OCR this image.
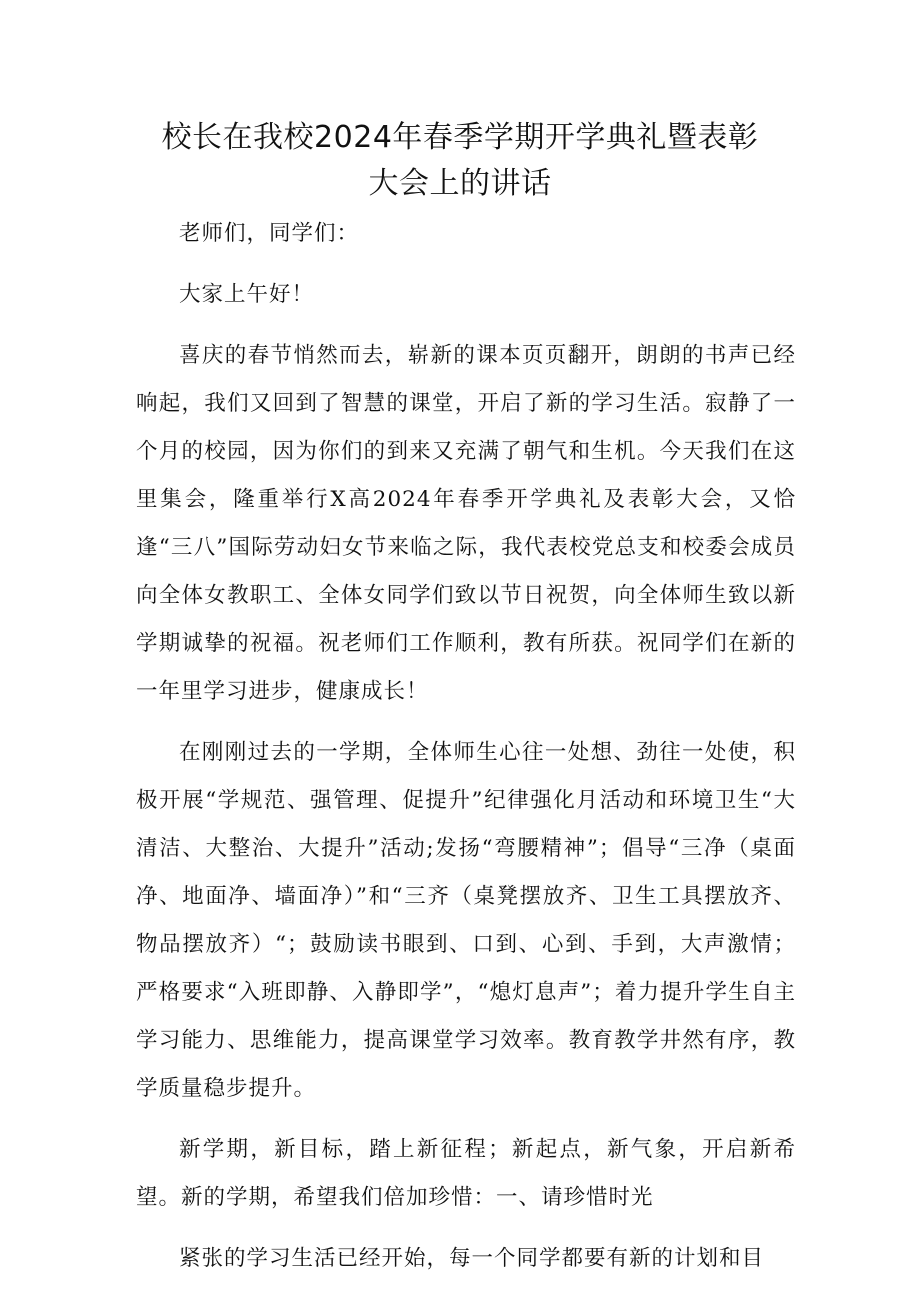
校长在我校2024年春季学期开学典礼暨表彰
大会上的讲话

老师们，同学们：

大家上午好！

喜庆的春节悄然而去，崭新的课本页页翻开，朗朗的书声已经响起，我们又回到了智慧的课堂，开启了新的学习生活。寂静了一个月的校园，因为你们的到来又充满了朝气和生机。今天我们在这里集会，隆重举行X高2024年春季开学典礼及表彰大会，又恰逢“三八”国际劳动妇女节来临之际，我代表校党总支和校委会成员向全体女教职工、全体女同学们致以节日祝贺，向全体师生致以新学期诚挚的祝福。祝老师们工作顺利，教有所获。祝同学们在新的一年里学习进步，健康成长！

在刚刚过去的一学期，全体师生心往一处想、劲往一处使，积极开展“学规范、强管理、促提升”纪律强化月活动和环境卫生“大清洁、大整治、大提升”活动;发扬“弯腰精神”；倡导“三净（桌面净、地面净、墙面净）”和“三齐（桌凳摆放齐、卫生工具摆放齐、物品摆放齐）“；鼓励读书眼到、口到、心到、手到，大声激情；严格要求“入班即静、入静即学”，“熄灯息声”；着力提升学生自主学习能力、思维能力，提高课堂学习效率。教育教学井然有序，教学质量稳步提升。

新学期，新目标，踏上新征程；新起点，新气象，开启新希望。新的学期，希望我们倍加珍惜：一、请珍惜时光

紧张的学习生活已经开始，每一个同学都要有新的计划和目
